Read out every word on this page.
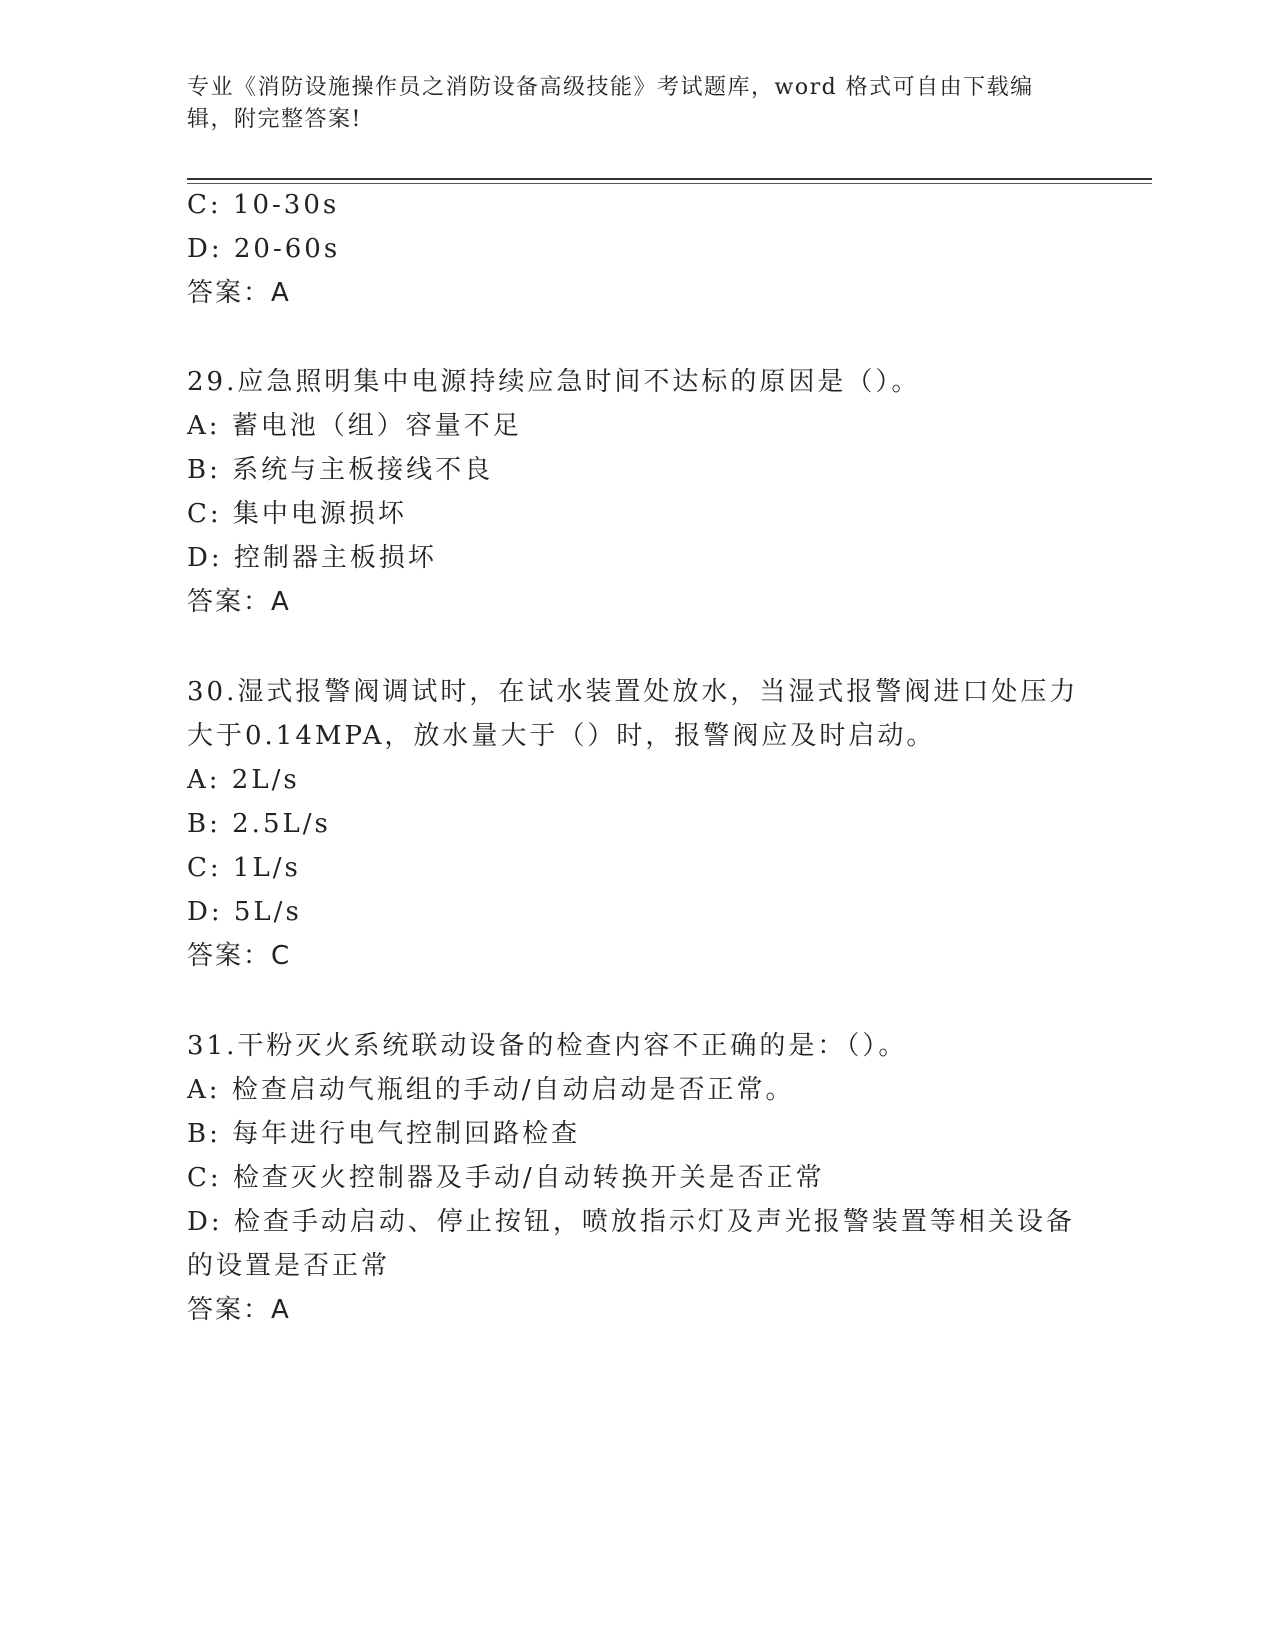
专业《消防设施操作员之消防设备高级技能》考试题库，word 格式可自由下载编
辑，附完整答案!
C: 10-30s
D: 20-60s
答案：A
29.应急照明集中电源持续应急时间不达标的原因是（）。
A: 蓄电池（组）容量不足
B: 系统与主板接线不良
C: 集中电源损坏
D: 控制器主板损坏
答案：A
30.湿式报警阀调试时，在试水装置处放水，当湿式报警阀进口处压力
大于0.14MPA，放水量大于（）时，报警阀应及时启动。
A: 2L/s
B: 2.5L/s
C: 1L/s
D: 5L/s
答案：C
31.干粉灭火系统联动设备的检查内容不正确的是：（）。
A: 检查启动气瓶组的手动/自动启动是否正常。
B: 每年进行电气控制回路检查
C: 检查灭火控制器及手动/自动转换开关是否正常
D: 检查手动启动、停止按钮，喷放指示灯及声光报警装置等相关设备
的设置是否正常
答案：A
